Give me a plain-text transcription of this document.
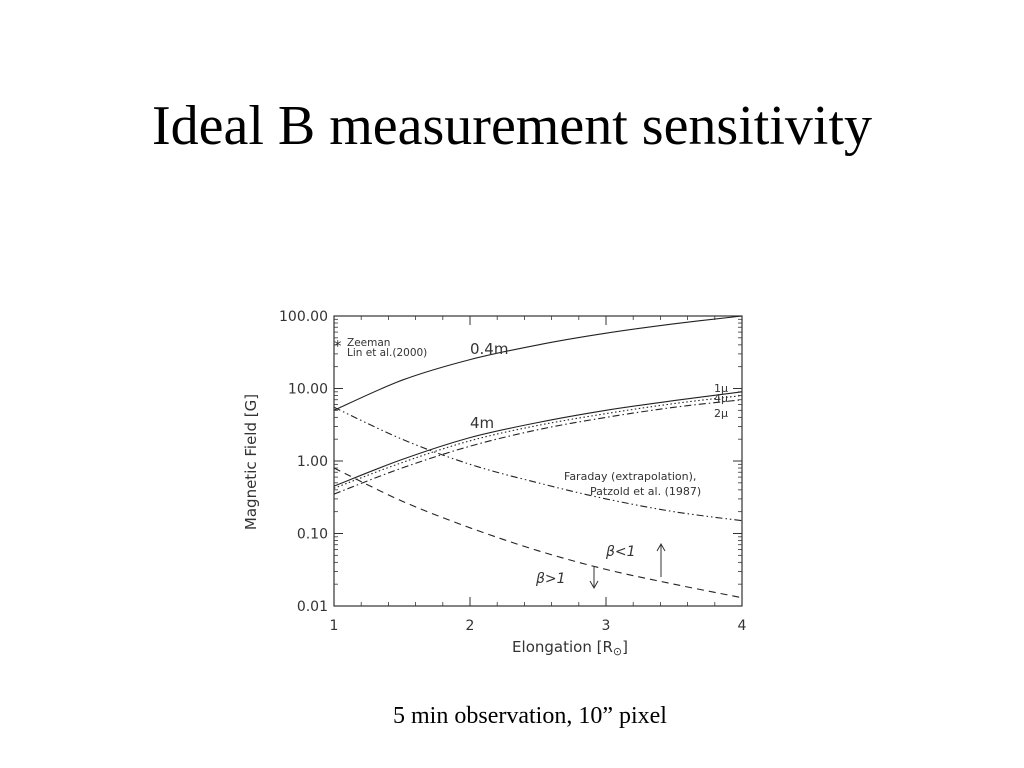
Ideal B measurement sensitivity
0.01
0.10
1.00
10.00
100.00
1	2	3	4
Elongation $[R_⊙]$
Magnetic Field [G]
* Zeeman
Lin et al.(2000)	0.4m
4m
1μ
4μ
2μ
Faraday (extrapolation),
Patzold et al. (1987)
β<1
β>1
5 min observation, 10” pixel
